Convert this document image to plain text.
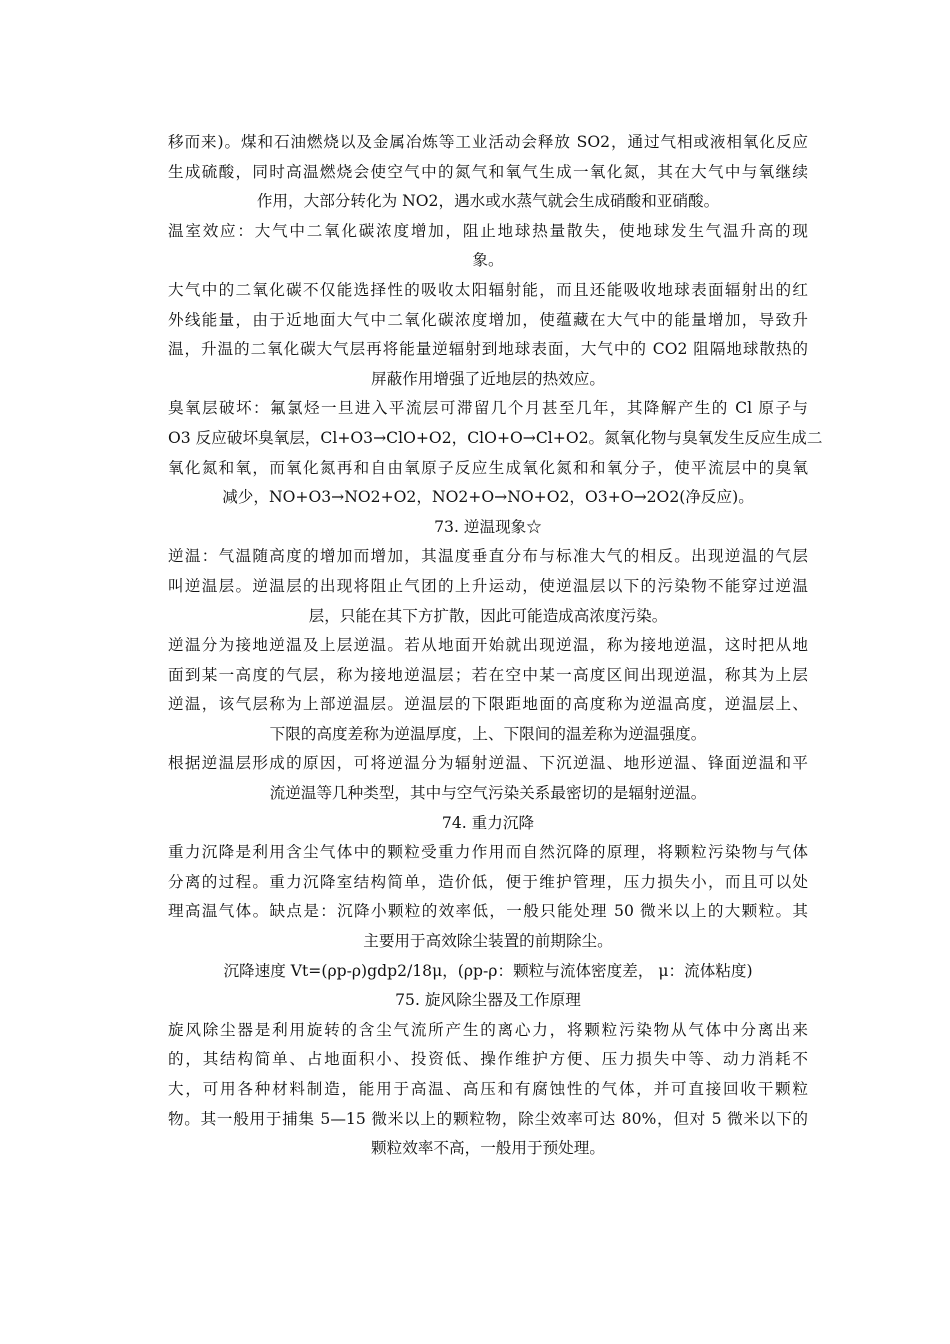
移而来)。煤和石油燃烧以及金属冶炼等工业活动会释放 SO2，通过气相或液相氧化反应
生成硫酸，同时高温燃烧会使空气中的氮气和氧气生成一氧化氮，其在大气中与氧继续
作用，大部分转化为 NO2，遇水或水蒸气就会生成硝酸和亚硝酸。
温室效应：大气中二氧化碳浓度增加，阻止地球热量散失，使地球发生气温升高的现
象。
大气中的二氧化碳不仅能选择性的吸收太阳辐射能，而且还能吸收地球表面辐射出的红
外线能量，由于近地面大气中二氧化碳浓度增加，使蕴藏在大气中的能量增加，导致升
温，升温的二氧化碳大气层再将能量逆辐射到地球表面，大气中的 CO2 阻隔地球散热的
屏蔽作用增强了近地层的热效应。
臭氧层破坏：氟氯烃一旦进入平流层可滞留几个月甚至几年，其降解产生的 Cl 原子与
O3 反应破坏臭氧层，Cl+O3→ClO+O2，ClO+O→Cl+O2。氮氧化物与臭氧发生反应生成二
氧化氮和氧，而氧化氮再和自由氧原子反应生成氧化氮和和氧分子，使平流层中的臭氧
减少，NO+O3→NO2+O2，NO2+O→NO+O2，O3+O→2O2(净反应)。
73. 逆温现象☆
逆温：气温随高度的增加而增加，其温度垂直分布与标准大气的相反。出现逆温的气层
叫逆温层。逆温层的出现将阻止气团的上升运动，使逆温层以下的污染物不能穿过逆温
层，只能在其下方扩散，因此可能造成高浓度污染。
逆温分为接地逆温及上层逆温。若从地面开始就出现逆温，称为接地逆温，这时把从地
面到某一高度的气层，称为接地逆温层；若在空中某一高度区间出现逆温，称其为上层
逆温，该气层称为上部逆温层。逆温层的下限距地面的高度称为逆温高度，逆温层上、
下限的高度差称为逆温厚度，上、下限间的温差称为逆温强度。
根据逆温层形成的原因，可将逆温分为辐射逆温、下沉逆温、地形逆温、锋面逆温和平
流逆温等几种类型，其中与空气污染关系最密切的是辐射逆温。
74. 重力沉降
重力沉降是利用含尘气体中的颗粒受重力作用而自然沉降的原理，将颗粒污染物与气体
分离的过程。重力沉降室结构简单，造价低，便于维护管理，压力损失小，而且可以处
理高温气体。缺点是：沉降小颗粒的效率低，一般只能处理 50 微米以上的大颗粒。其
主要用于高效除尘装置的前期除尘。
沉降速度 Vt=(ρp-ρ)gdp2/18μ，(ρp-ρ：颗粒与流体密度差， μ：流体粘度)
75. 旋风除尘器及工作原理
旋风除尘器是利用旋转的含尘气流所产生的离心力，将颗粒污染物从气体中分离出来
的，其结构简单、占地面积小、投资低、操作维护方便、压力损失中等、动力消耗不
大，可用各种材料制造，能用于高温、高压和有腐蚀性的气体，并可直接回收干颗粒
物。其一般用于捕集 5—15 微米以上的颗粒物，除尘效率可达 80%，但对 5 微米以下的
颗粒效率不高，一般用于预处理。
